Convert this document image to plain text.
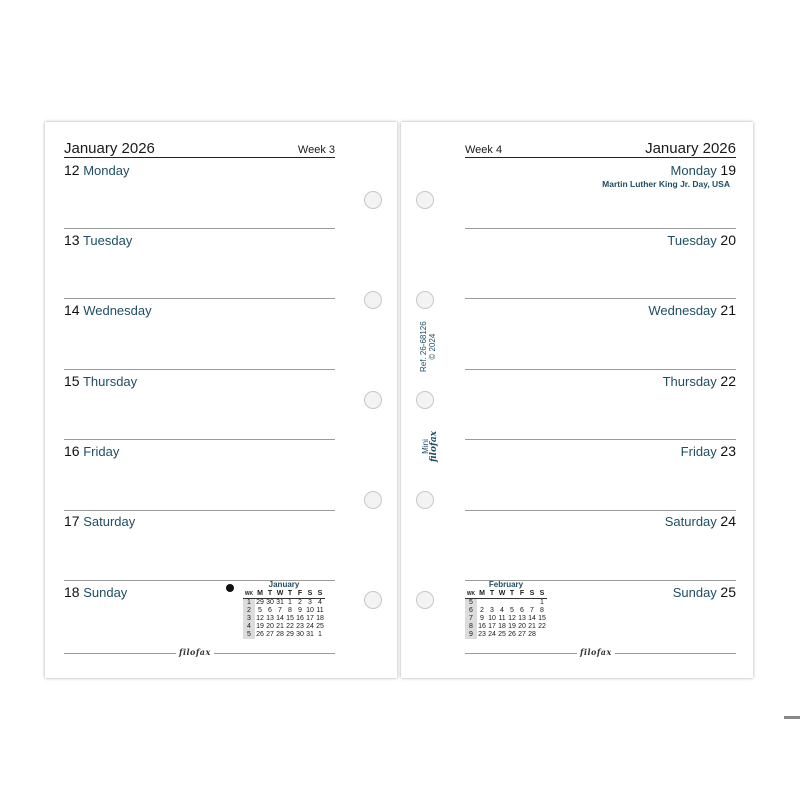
January 2026	Week 3
12 Monday
13 Tuesday
14 Wednesday
15 Thursday
16 Friday
17 Saturday
18 Sunday
January
WK	M	T	W	T	F	S	S
1	29	30	31	1	2	3	4
2	5	6	7	8	9	10	11
3	12	13	14	15	16	17	18
4	19	20	21	22	23	24	25
5	26	27	28	29	30	31	1
filofax
Week 4	January 2026
Monday 19
Martin Luther King Jr. Day, USA
Tuesday 20
Wednesday 21
Thursday 22
Friday 23
Saturday 24
Sunday 25
February
WK	M	T	W	T	F	S	S
5							1
6	2	3	4	5	6	7	8
7	9	10	11	12	13	14	15
8	16	17	18	19	20	21	22
9	23	24	25	26	27	28	
filofax
Ref. 26-68126 © 2024
Mini filofax
